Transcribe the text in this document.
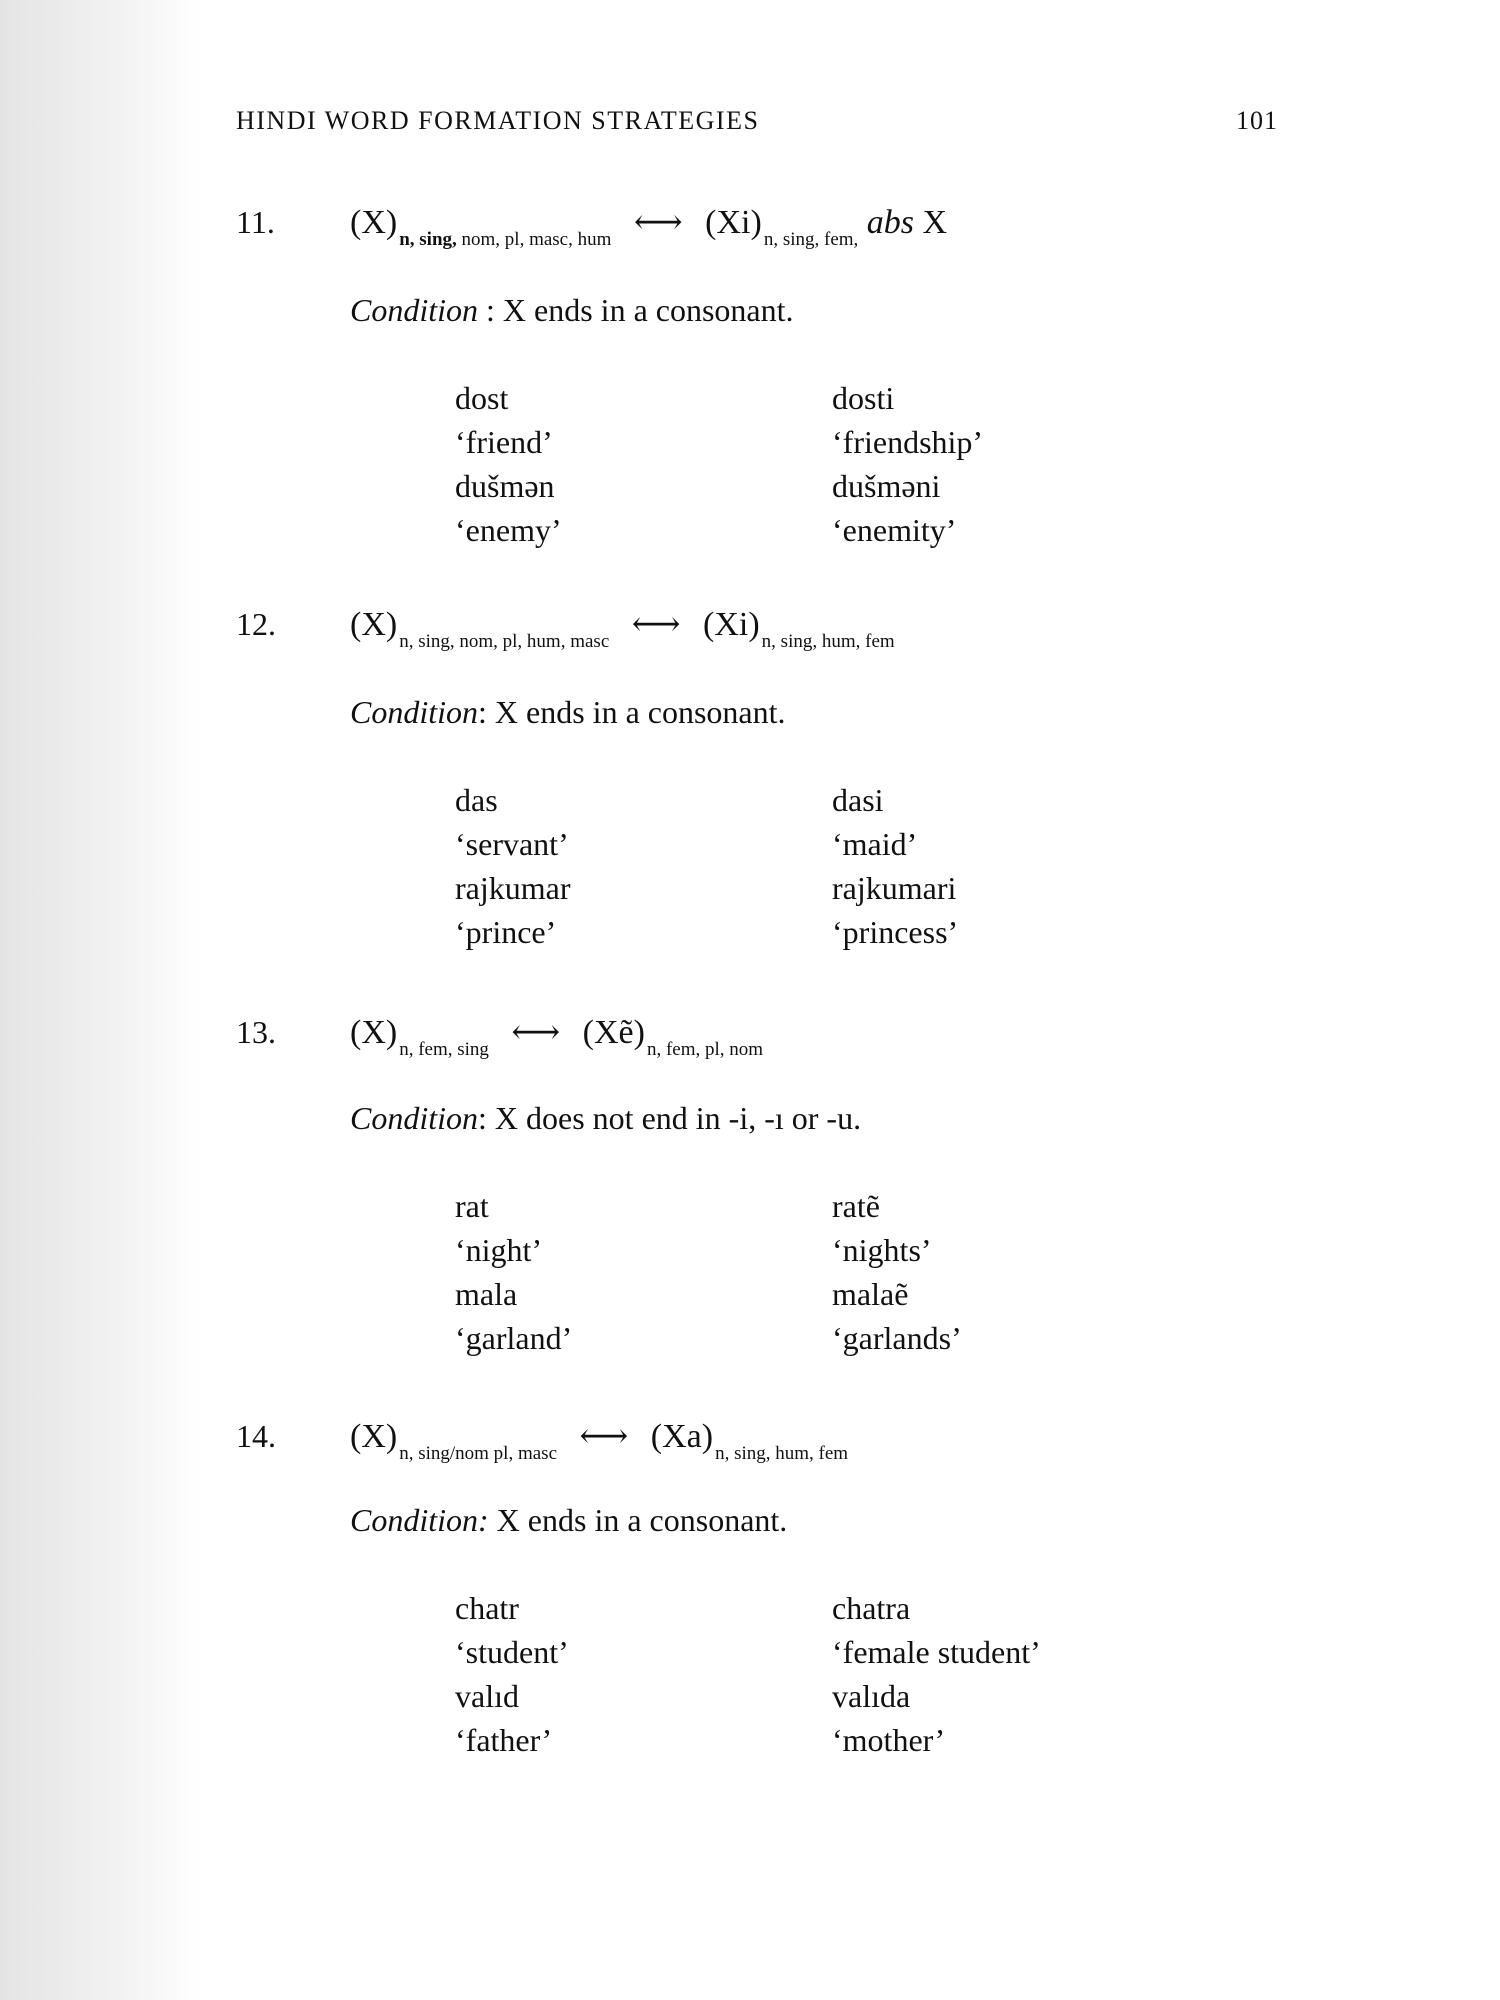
HINDI WORD FORMATION STRATEGIES	101
11. (X) $_{n, sing, nom, pl, masc, hum}$ ⟷ (Xi) $_{n, sing, fem,}$ abs X
Condition : X ends in a consonant.
dost	dosti
‘friend’	‘friendship’
dušmən	dušməni
‘enemy’	‘enemity’
12. (X) $_{n, sing, nom, pl, hum, masc}$ ⟷ (Xi) $_{n, sing, hum, fem}$
Condition: X ends in a consonant.
das	dasi
‘servant’	‘maid’
rajkumar	rajkumari
‘prince’	‘princess’
13. (X) $_{n, fem, sing}$ ⟷ (Xẽ) $_{n, fem, pl, nom}$
Condition: X does not end in -i, -ı or -u.
rat	ratẽ
‘night’	‘nights’
mala	malaẽ
‘garland’	‘garlands’
14. (X) $_{n, sing/nom pl, masc}$ ⟷ (Xa) $_{n, sing, hum, fem}$
Condition: X ends in a consonant.
chatr	chatra
‘student’	‘female student’
valıd	valıda
‘father’	‘mother’
